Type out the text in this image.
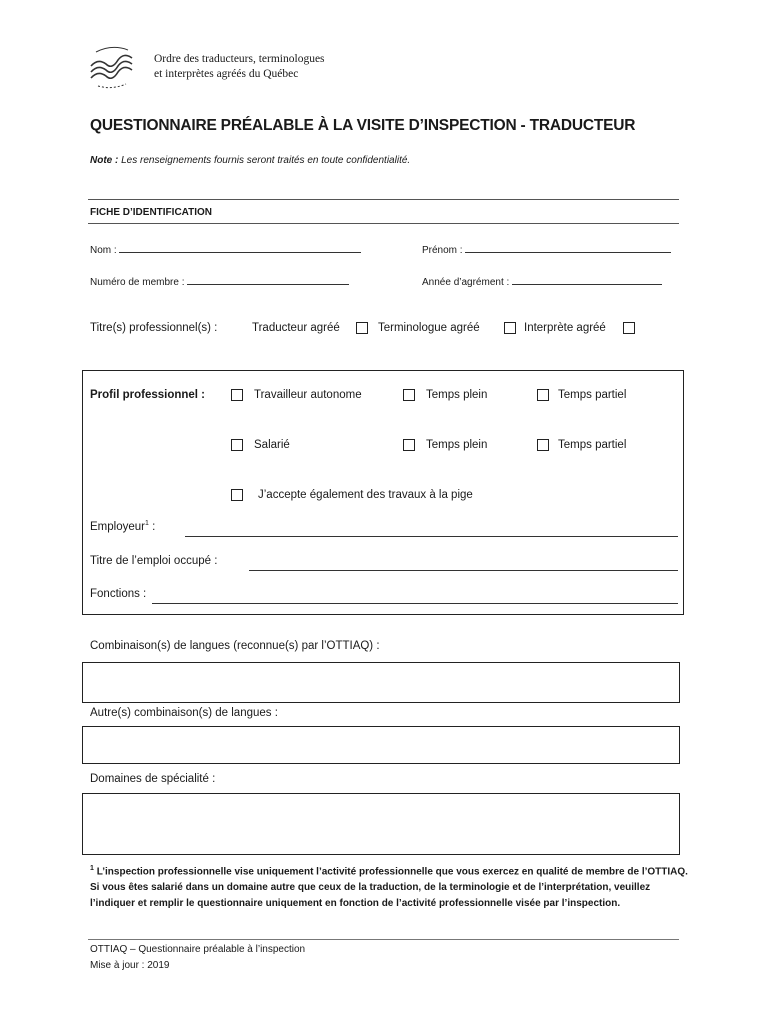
Ordre des traducteurs, terminologues
et interprètes agréés du Québec
QUESTIONNAIRE PRÉALABLE À LA VISITE D’INSPECTION - TRADUCTEUR
Note : Les renseignements fournis seront traités en toute confidentialité.
FICHE D’IDENTIFICATION
Nom :	Prénom :
Numéro de membre :	Année d’agrément :
Titre(s) professionnel(s) :	Traducteur agréé	Terminologue agréé	Interprète agréé
Profil professionnel :	Travailleur autonome	Temps plein	Temps partiel
Salarié	Temps plein	Temps partiel
J’accepte également des travaux à la pige
Employeur$^1$ :
Titre de l’emploi occupé :
Fonctions :
Combinaison(s) de langues (reconnue(s) par l’OTTIAQ) :
Autre(s) combinaison(s) de langues :
Domaines de spécialité :
$^1$ L’inspection professionnelle vise uniquement l’activité professionnelle que vous exercez en qualité de membre de l’OTTIAQ. Si vous êtes salarié dans un domaine autre que ceux de la traduction, de la terminologie et de l’interprétation, veuillez l’indiquer et remplir le questionnaire uniquement en fonction de l’activité professionnelle visée par l’inspection.
OTTIAQ – Questionnaire préalable à l’inspection
Mise à jour : 2019
